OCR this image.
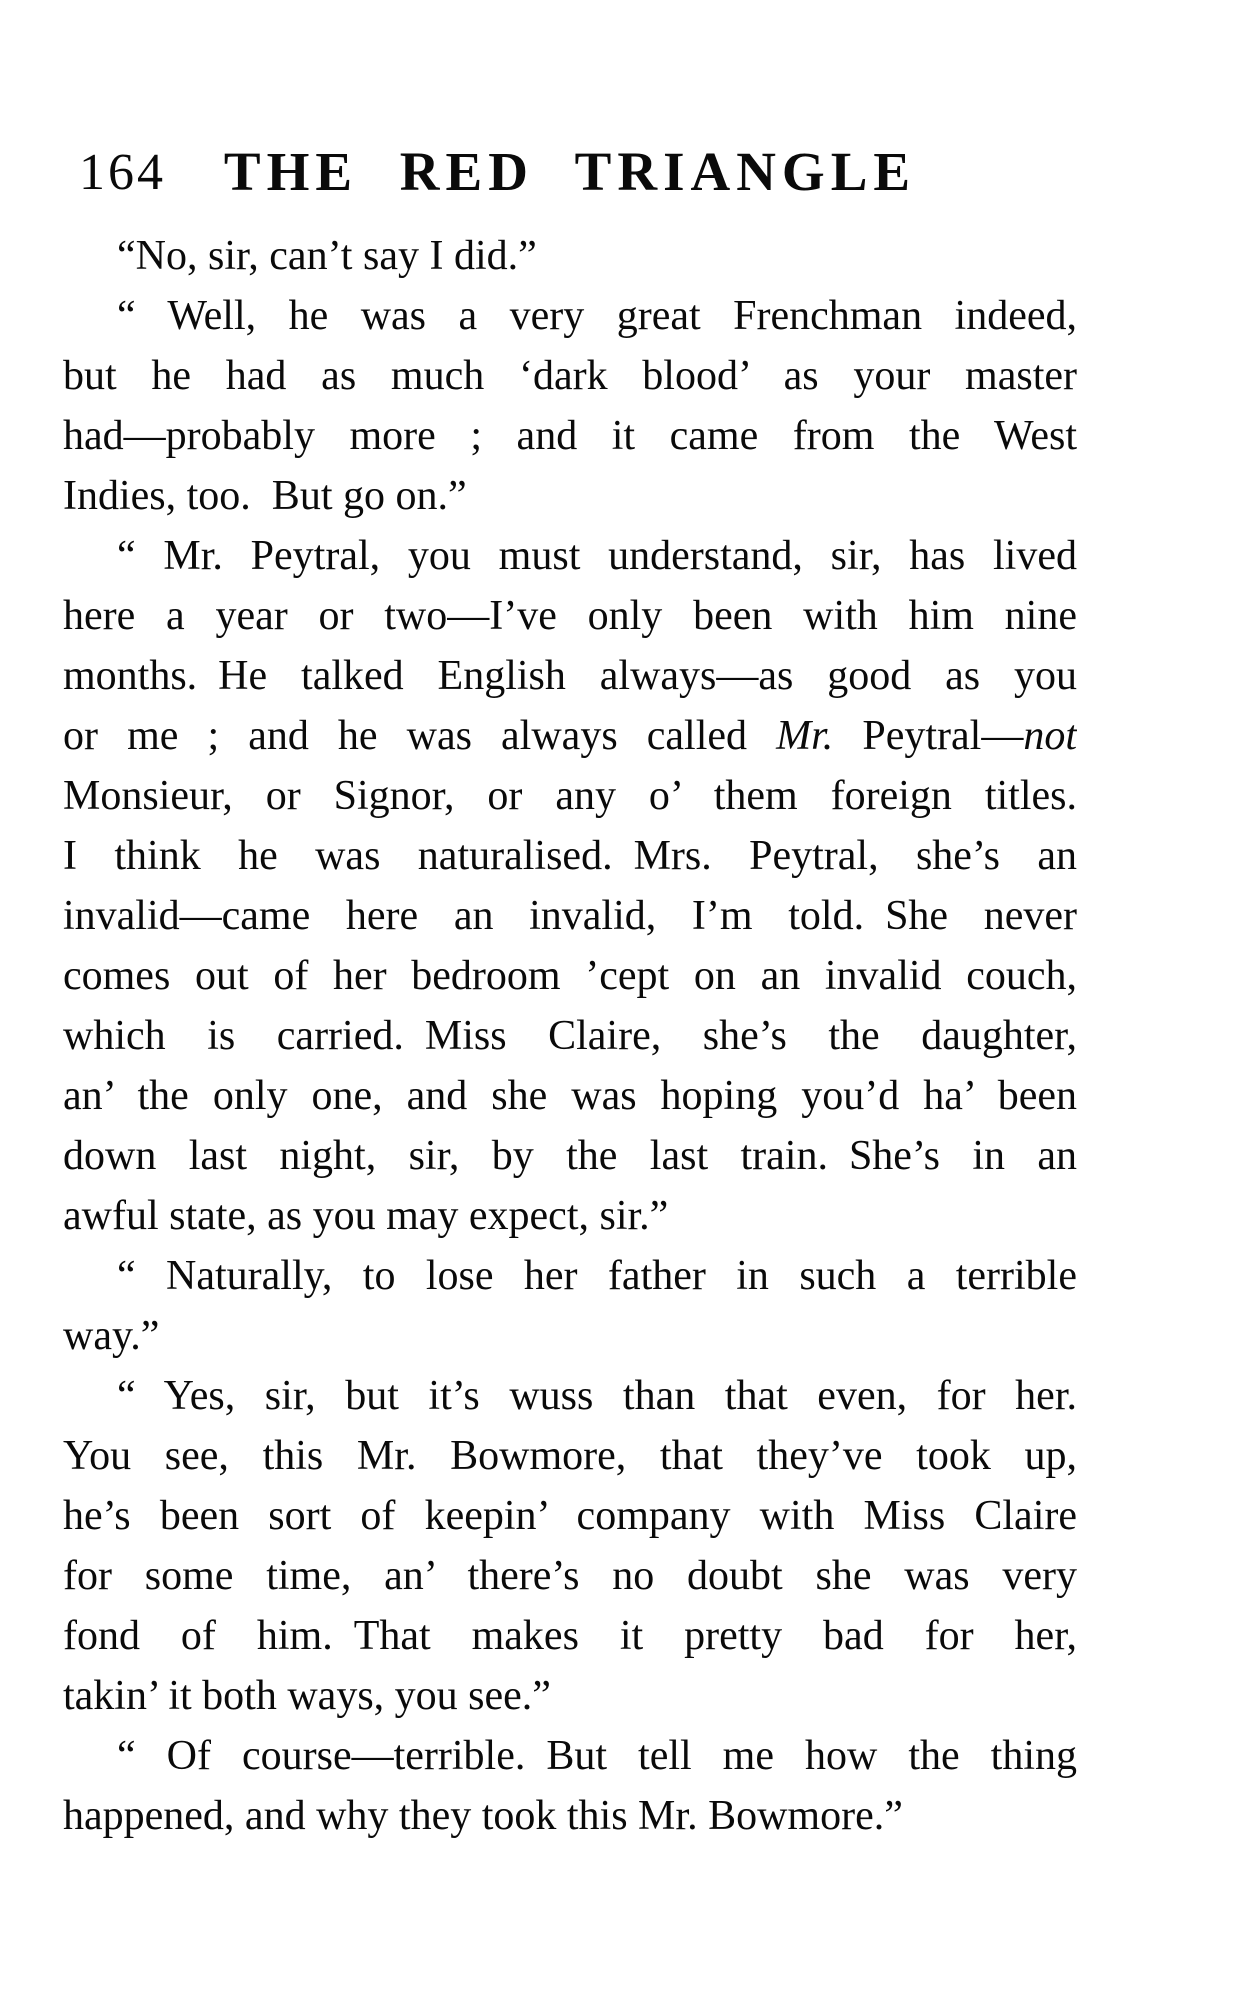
164	THE RED TRIANGLE
“No, sir, can’t say I did.”
“ Well, he was a very great Frenchman indeed,
but he had as much ‘dark blood’ as your master
had—probably more ; and it came from the West
Indies, too. But go on.”
“ Mr. Peytral, you must understand, sir, has lived
here a year or two—I’ve only been with him nine
months. He talked English always—as good as you
or me ; and he was always called Mr. Peytral—not
Monsieur, or Signor, or any o’ them foreign titles.
I think he was naturalised. Mrs. Peytral, she’s an
invalid—came here an invalid, I’m told. She never
comes out of her bedroom ’cept on an invalid couch,
which is carried. Miss Claire, she’s the daughter,
an’ the only one, and she was hoping you’d ha’ been
down last night, sir, by the last train. She’s in an
awful state, as you may expect, sir.”
“ Naturally, to lose her father in such a terrible
way.”
“ Yes, sir, but it’s wuss than that even, for her.
You see, this Mr. Bowmore, that they’ve took up,
he’s been sort of keepin’ company with Miss Claire
for some time, an’ there’s no doubt she was very
fond of him. That makes it pretty bad for her,
takin’ it both ways, you see.”
“ Of course—terrible. But tell me how the thing
happened, and why they took this Mr. Bowmore.”
